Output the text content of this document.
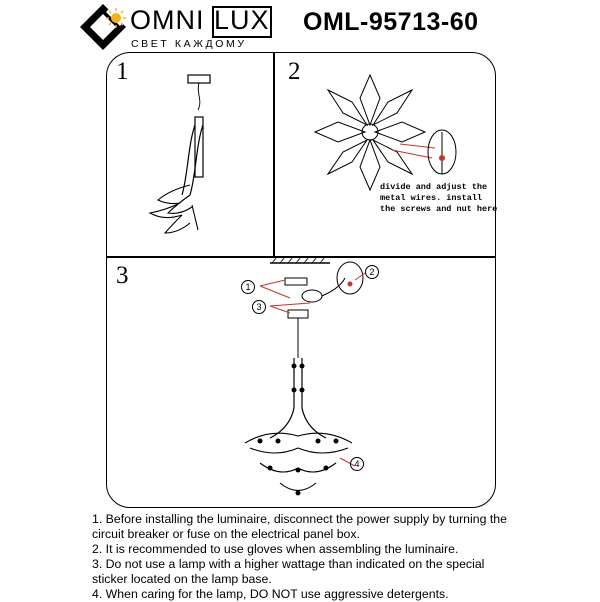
OMNI LUX
СВЕТ КАЖДОМУ
OML-95713-60
1	2
3
divide and adjust the
metal wires. install
the screws and nut here
1
2
3
4

1. Before installing the luminaire, disconnect the power supply by turning the circuit breaker or fuse on the electrical panel box.

2. It is recommended to use gloves when assembling the luminaire.

3. Do not use a lamp with a higher wattage than indicated on the special sticker located on the lamp base.

4. When caring for the lamp, DO NOT use aggressive detergents.
